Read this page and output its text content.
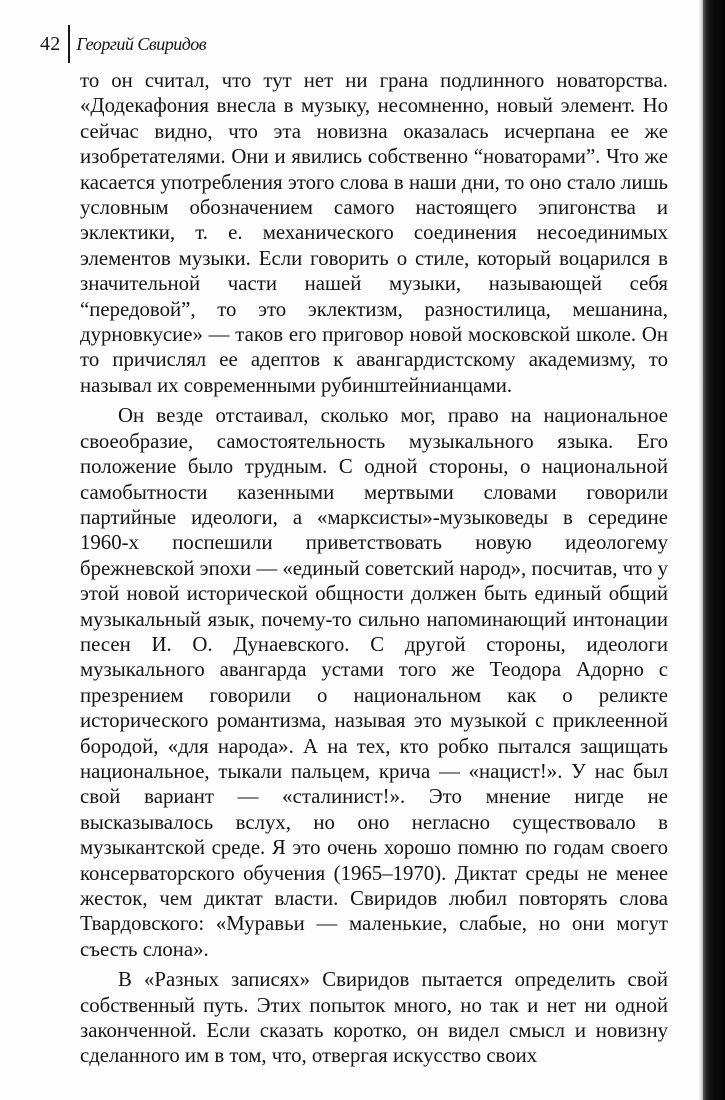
42 Георгий Свиридов

то он считал, что тут нет ни грана подлинного новаторства. «Додекафония внесла в музыку, несомненно, новый элемент. Но сейчас видно, что эта новизна оказалась исчерпана ее же изобретателями. Они и явились собственно “новаторами”. Что же касается употребления этого слова в наши дни, то оно стало лишь условным обозначением самого настоящего эпигонства и эклектики, т. е. механического соединения несоединимых элементов музыки. Если говорить о стиле, который воцарился в значительной части нашей музыки, называющей себя “передовой”, то это эклектизм, разностилица, мешанина, дурновкусие» — таков его приговор новой московской школе. Он то причислял ее адептов к авангардистскому академизму, то называл их современными рубинштейнианцами.

Он везде отстаивал, сколько мог, право на национальное своеобразие, самостоятельность музыкального языка. Его положение было трудным. С одной стороны, о национальной самобытности казенными мертвыми словами говорили партийные идеологи, а «марксисты»-музыковеды в середине 1960-х поспешили приветствовать новую идеологему брежневской эпохи — «единый советский народ», посчитав, что у этой новой исторической общности должен быть единый общий музыкальный язык, почему-то сильно напоминающий интонации песен И. О. Дунаевского. С другой стороны, идеологи музыкального авангарда устами того же Теодора Адорно с презрением говорили о национальном как о реликте исторического романтизма, называя это музыкой с приклеенной бородой, «для народа». А на тех, кто робко пытался защищать национальное, тыкали пальцем, крича — «нацист!». У нас был свой вариант — «сталинист!». Это мнение нигде не высказывалось вслух, но оно негласно существовало в музыкантской среде. Я это очень хорошо помню по годам своего консерваторского обучения (1965–1970). Диктат среды не менее жесток, чем диктат власти. Свиридов любил повторять слова Твардовского: «Муравьи — маленькие, слабые, но они могут съесть слона».

В «Разных записях» Свиридов пытается определить свой собственный путь. Этих попыток много, но так и нет ни одной законченной. Если сказать коротко, он видел смысл и новизну сделанного им в том, что, отвергая искусство своих
